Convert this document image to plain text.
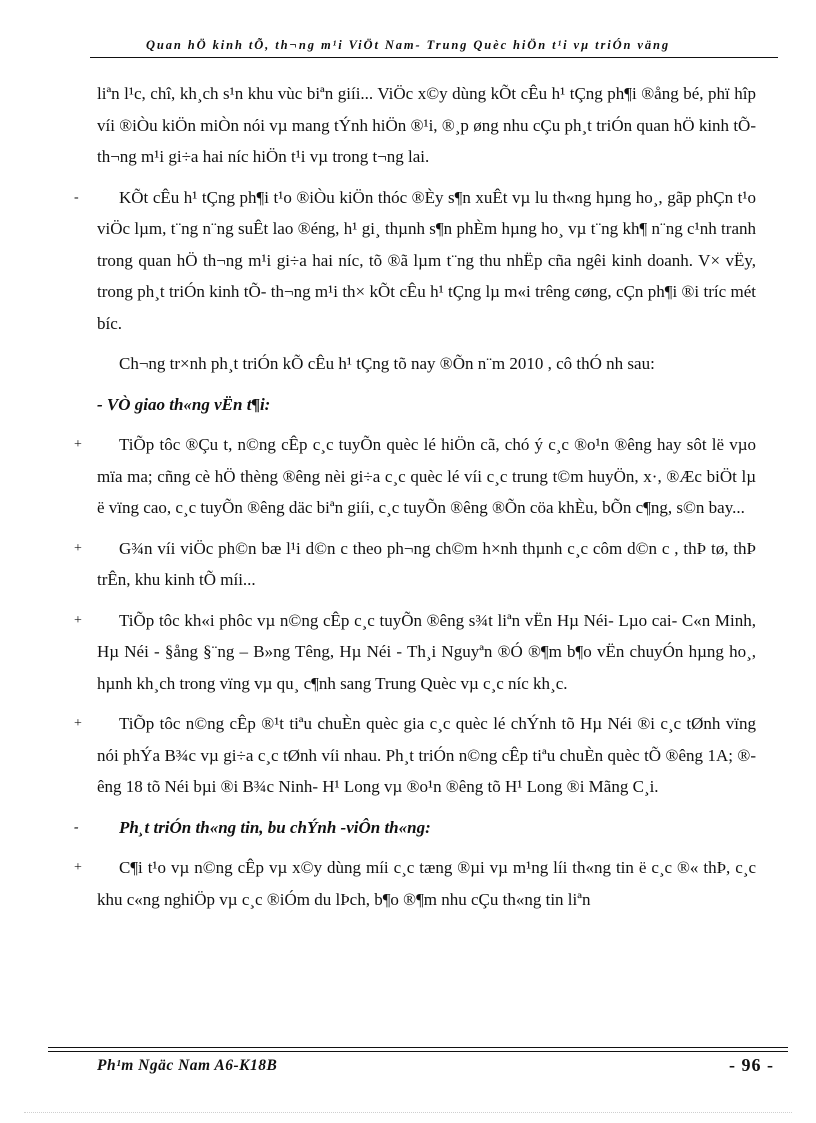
Quan hÖ kinh tÕ, th¬ng m¹i ViÖt Nam- Trung Quèc hiÖn t¹i vµ triÓn väng

liªn l¹c, chî, kh¸ch s¹n khu vùc biªn giíi... ViÖc x©y dùng kÕt cÊu h¹ tÇng ph¶i ®ång bé, phï hîp víi ®iÒu kiÖn miÒn nói vµ mang tÝnh hiÖn ®¹i, ®¸p øng nhu cÇu ph¸t triÓn quan hÖ kinh tÕ- th¬ng m¹i gi÷a hai níc hiÖn t¹i vµ trong t¬ng lai.

- KÕt cÊu h¹ tÇng ph¶i t¹o ®iÒu kiÖn thóc ®Èy s¶n xuÊt vµ lu th«ng hµng ho¸, gãp phÇn t¹o viÖc lµm, t¨ng n¨ng suÊt lao ®éng, h¹ gi¸ thµnh s¶n phÈm hµng ho¸ vµ t¨ng kh¶ n¨ng c¹nh tranh trong quan hÖ th¬ng m¹i gi÷a hai níc, tõ ®ã lµm t¨ng thu nhËp cña ngêi kinh doanh. V× vËy, trong ph¸t triÓn kinh tÕ- th¬ng m¹i th× kÕt cÊu h¹ tÇng lµ m«i trêng cøng, cÇn ph¶i ®i tríc mét bíc.

Ch¬ng tr×nh ph¸t triÓn kÕ cÊu h¹ tÇng tõ nay ®Õn n¨m 2010 , cô thÓ nh sau:

- VÒ giao th«ng vËn t¶i:

+ TiÕp tôc ®Çu t, n©ng cÊp c¸c tuyÕn quèc lé hiÖn cã, chó ý c¸c ®o¹n ®êng hay sôt lë vµo mïa ma; cñng cè hÖ thèng ®êng nèi gi÷a c¸c quèc lé víi c¸c trung t©m huyÖn, x·, ®Æc biÖt lµ ë vïng cao, c¸c tuyÕn ®êng däc biªn giíi, c¸c tuyÕn ®êng ®Õn cöa khÈu, bÕn c¶ng, s©n bay...

+ G¾n víi viÖc ph©n bæ l¹i d©n c theo ph¬ng ch©m h×nh thµnh c¸c côm d©n c , thÞ tø, thÞ trÊn, khu kinh tÕ míi...

+ TiÕp tôc kh«i phôc vµ n©ng cÊp c¸c tuyÕn ®êng s¾t liªn vËn Hµ Néi- Lµo cai- C«n Minh, Hµ Néi - §ång §¨ng – B»ng Têng, Hµ Néi - Th¸i Nguyªn ®Ó ®¶m b¶o vËn chuyÓn hµng ho¸, hµnh kh¸ch trong vïng vµ qu¸ c¶nh sang Trung Quèc vµ c¸c níc kh¸c.

+ TiÕp tôc n©ng cÊp ®¹t tiªu chuÈn quèc gia c¸c quèc lé chÝnh tõ Hµ Néi ®i c¸c tØnh vïng nói phÝa B¾c vµ gi÷a c¸c tØnh víi nhau. Ph¸t triÓn n©ng cÊp tiªu chuÈn quèc tÕ ®êng 1A; ®êng 18 tõ Néi bµi ®i B¾c Ninh- H¹ Long vµ ®o¹n ®êng tõ H¹ Long ®i Mãng C¸i.

- Ph¸t triÓn th«ng tin, bu chÝnh -viÔn th«ng:

+ C¶i t¹o vµ n©ng cÊp vµ x©y dùng míi c¸c tæng ®µi vµ m¹ng líi th«ng tin ë c¸c ®« thÞ, c¸c khu c«ng nghiÖp vµ c¸c ®iÓm du lÞch, b¶o ®¶m nhu cÇu th«ng tin liªn

Ph¹m Ngäc Nam A6-K18B	- 96 -
